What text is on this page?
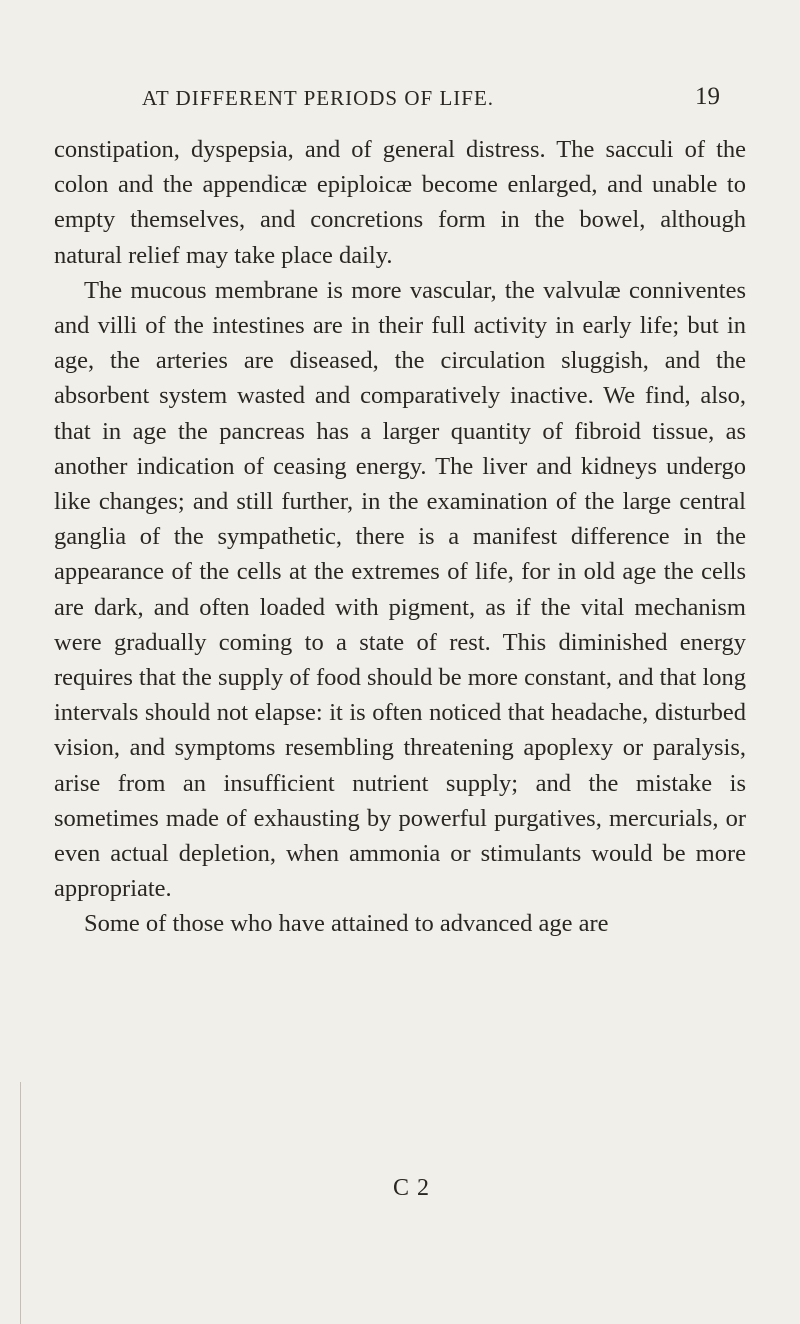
AT DIFFERENT PERIODS OF LIFE.	19

constipation, dyspepsia, and of general distress. The sacculi of the colon and the appendicæ epiploicæ become enlarged, and unable to empty themselves, and concretions form in the bowel, although natural relief may take place daily.

The mucous membrane is more vascular, the valvulæ conniventes and villi of the intestines are in their full activity in early life; but in age, the arteries are diseased, the circulation sluggish, and the absorbent system wasted and comparatively inactive. We find, also, that in age the pancreas has a larger quantity of fibroid tissue, as another indication of ceasing energy. The liver and kidneys undergo like changes; and still further, in the examination of the large central ganglia of the sympathetic, there is a manifest difference in the appearance of the cells at the extremes of life, for in old age the cells are dark, and often loaded with pigment, as if the vital mechanism were gradually coming to a state of rest. This diminished energy requires that the supply of food should be more constant, and that long intervals should not elapse: it is often noticed that headache, disturbed vision, and symptoms resembling threatening apoplexy or paralysis, arise from an insufficient nutrient supply; and the mistake is sometimes made of exhausting by powerful purgatives, mercurials, or even actual depletion, when ammonia or stimulants would be more appropriate.

Some of those who have attained to advanced age are

C 2
